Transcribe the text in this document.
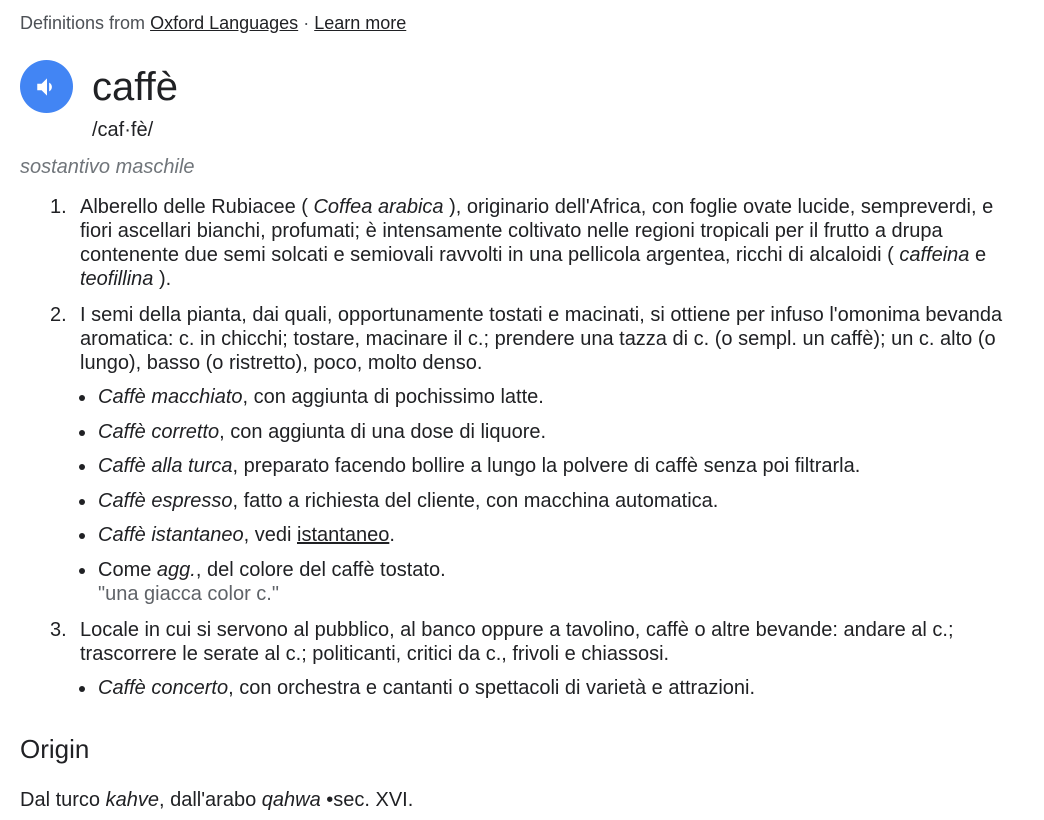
Definitions from Oxford Languages · Learn more
caffè
/caf·fè/
sostantivo maschile
1. Alberello delle Rubiacee ( Coffea arabica ), originario dell'Africa, con foglie ovate lucide, sempreverdi, e fiori ascellari bianchi, profumati; è intensamente coltivato nelle regioni tropicali per il frutto a drupa contenente due semi solcati e semiovali ravvolti in una pellicola argentea, ricchi di alcaloidi ( caffeina e teofillina ).
2. I semi della pianta, dai quali, opportunamente tostati e macinati, si ottiene per infuso l'omonima bevanda aromatica: c. in chicchi; tostare, macinare il c.; prendere una tazza di c. (o sempl. un caffè); un c. alto (o lungo), basso (o ristretto), poco, molto denso.
Caffè macchiato, con aggiunta di pochissimo latte.
Caffè corretto, con aggiunta di una dose di liquore.
Caffè alla turca, preparato facendo bollire a lungo la polvere di caffè senza poi filtrarla.
Caffè espresso, fatto a richiesta del cliente, con macchina automatica.
Caffè istantaneo, vedi istantaneo.
Come agg., del colore del caffè tostato.
"una giacca color c."
3. Locale in cui si servono al pubblico, al banco oppure a tavolino, caffè o altre bevande: andare al c.; trascorrere le serate al c.; politicanti, critici da c., frivoli e chiassosi.
Caffè concerto, con orchestra e cantanti o spettacoli di varietà e attrazioni.
Origin
Dal turco kahve, dall'arabo qahwa •sec. XVI.
